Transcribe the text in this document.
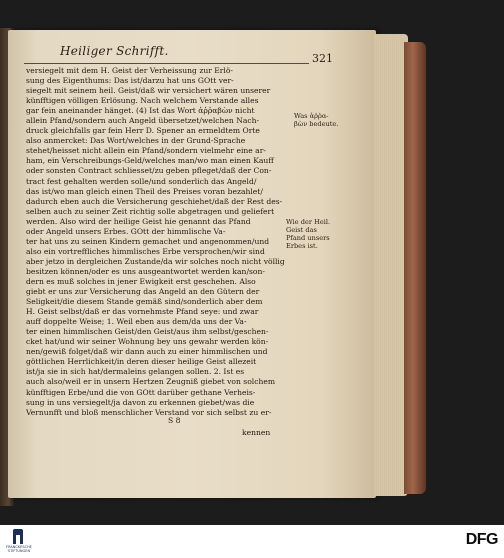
Heiliger Schrifft.
321
versiegelt mit dem H. Geist der Verheissung zur Erlö-
sung des Eigenthums: Das ist/darzu hat uns GOtt ver-
siegelt mit seinem heil. Geist/daß wir versichert wären unserer
künfftigen völligen Erlösung. Nach welchem Verstande alles
gar fein aneinander hänget. (4) Ist das Wort ἀῤῥαβὼν nicht
allein Pfand/sondern auch Angeld übersetzet/welchen Nach-
druck gleichfalls gar fein Herr D. Spener an ermeldtem Orte
also anmercket: Das Wort/welches in der Grund-Sprache
stehet/heisset nicht allein ein Pfand/sondern vielmehr eine ar-
ham, ein Verschreibungs-Geld/welches man/wo man einen Kauff
oder sonsten Contract schliesset/zu geben pfleget/daß der Con-
tract fest gehalten werden solle/und sonderlich das Angeld/
das ist/wo man gleich einen Theil des Preises voran bezahlet/
dadurch eben auch die Versicherung geschiehet/daß der Rest des-
selben auch zu seiner Zeit richtig solle abgetragen und geliefert
werden. Also wird der heilige Geist hie genannt das Pfand
oder Angeld unsers Erbes. GOtt der himmlische Va-
ter hat uns zu seinen Kindern gemachet und angenommen/und
also ein vortreffliches himmlisches Erbe versprochen/wir sind
aber jetzo in dergleichen Zustande/da wir solches noch nicht völlig
besitzen können/oder es uns ausgeantwortet werden kan/son-
dern es muß solches in jener Ewigkeit erst geschehen. Also
giebt er uns zur Versicherung das Angeld an den Gütern der
Seligkeit/die diesem Stande gemäß sind/sonderlich aber dem
H. Geist selbst/daß er das vornehmste Pfand seye: und zwar
auff doppelte Weise; 1. Weil eben aus dem/da uns der Va-
ter einen himmlischen Geist/den Geist/aus ihm selbst/geschen-
cket hat/und wir seiner Wohnung bey uns gewahr werden kön-
nen/gewiß folget/daß wir dann auch zu einer himmlischen und
göttlichen Herrlichkeit/in deren dieser heilige Geist allezeit
ist/ja sie in sich hat/dermaleins gelangen sollen. 2. Ist es
auch also/weil er in unsern Hertzen Zeugniß giebet von solchem
künfftigen Erbe/und die von GOtt darüber gethane Verheis-
sung in uns versiegelt/ja davon zu erkennen giebet/was die
Vernunfft und bloß menschlicher Verstand vor sich selbst zu er-
Was ἀῤῥα-
βὼν bedeute.
Wie der Heil.
Geist das
Pfand unsers
Erbes ist.
S 8
kennen
FRANCKESCHE STIFTUNGEN
DFG
